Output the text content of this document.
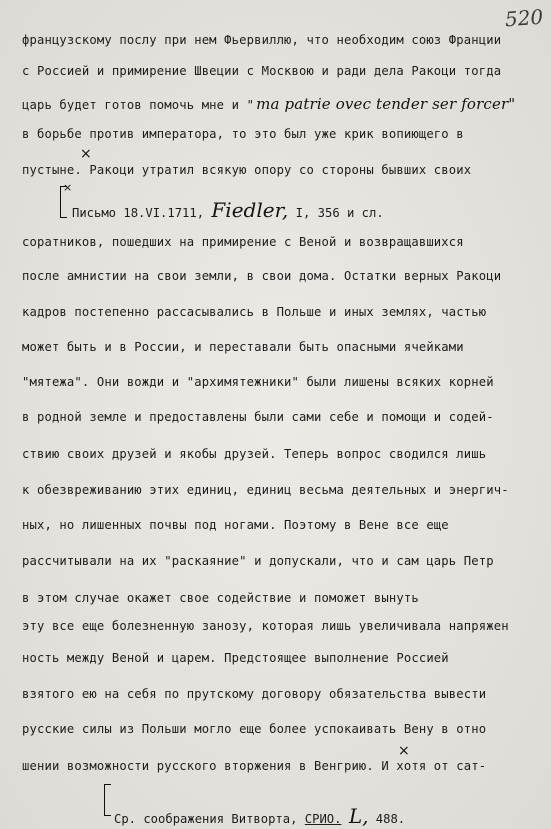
520
французскому послу при нем Фьервиллю, что необходим союз Франции
с Россией и примирение Швеции с Москвою и ради дела Ракоци тогда
царь будет готов помочь мне и " ma patrie ovec tender ser forcer"
в борьбе против императора, то это был уже крик вопиющего в
пустыне. Ракоци утратил всякую опору со стороны бывших своих
×
×
Письмо 18.VI.1711, Fiedler, I, 356 и сл.
соратников, пошедших на примирение с Веной и возвращавшихся
после амнистии на свои земли, в свои дома. Остатки верных Ракоци
кадров постепенно рассасывались в Польше и иных землях, частью
может быть и в России, и переставали быть опасными ячейками
"мятежа". Они вожди и "архимятежники" были лишены всяких корней
в родной земле и предоставлены были сами себе и помощи и содей-
ствию своих друзей и якобы друзей. Теперь вопрос сводился лишь
к обезвреживанию этих единиц, единиц весьма деятельных и энергич-
ных, но лишенных почвы под ногами. Поэтому в Вене все еще
рассчитывали на их "раскаяние" и допускали, что и сам царь Петр
в этом случае окажет свое содействие и поможет вынуть
эту все еще болезненную занозу, которая лишь увеличивала напряжен
ность между Веной и царем. Предстоящее выполнение Россией
взятого ею на себя по прутскому договору обязательства вывести
русские силы из Польши могло еще более успокаивать Вену в отно
шении возможности русского вторжения в Венгрию. И хотя от сат-
×
Ср. соображения Витворта, СРИО. L, 488.
